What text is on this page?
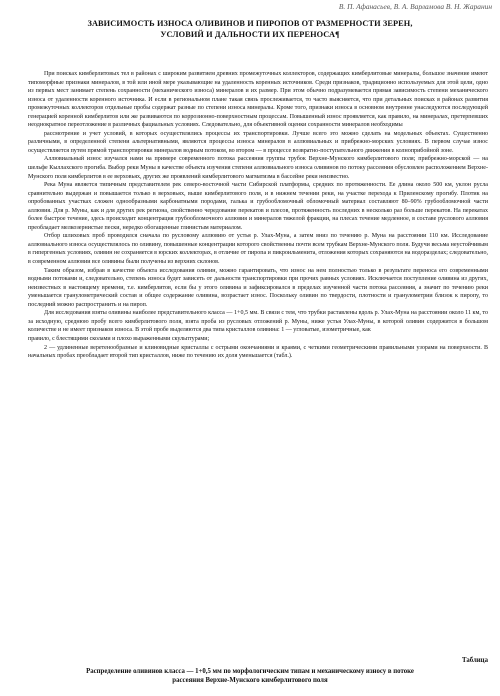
В. П. Афанасьев, В. А. Варламова В. Н. Жаранин
ЗАВИСИМОСТЬ ИЗНОСА ОЛИВИНОВ И ПИРОПОВ ОТ РАЗМЕРНОСТИ ЗЕРЕН,
УСЛОВИЙ И ДАЛЬНОСТИ ИХ ПЕРЕНОСА¶

При поисках кимберлитовых тел в районах с широким развитием древних промежуточных коллекторов, содержащих кимберлитовые минералы, большое значение имеют типоморфные признаки минералов, в той или иной мере указывающие на удаленность коренных источников. Среди признаков, традиционно используемых для этой цели, одно из первых мест занимает степень сохранности (механического износа) минералов и их размер. При этом обычно подразумевается прямая зависимость степени механического износа от удаленности коренного источника. И если в региональном плане такая связь прослеживается, то часто выясняется, что при детальных поисках в районах развития промежуточных коллекторов отдельные пробы содержат разные по степени износа минералы. Кроме того, признаки износа в основном внутренне унаследуются последующей генерацией коренной кимберлитов или же развиваются по коррозионно-поверхностным процессам. Повышенный износ проявляется, как правило, на минералах, претерпевших неоднократное переотложение в различных фациальных условиях. Следовательно, для объективной оценки сохранности минералов необходимы

рассмотрение и учет условий, в которых осуществлялись процессы их транспортировки. Лучше всего это можно сделать на модельных объектах. Существенно различными, в определенной степени альтернативными, являются процессы износа минералов в аллювиальных и прибрежно-морских условиях. В первом случае износ осуществляется путем прямой транспортировки минералов водным потоком, во втором — в процессе возвратно-поступательного движения в колноприбойной зоне.

Аллювиальный износ изучался нами на примере современного потока рассеяния группы трубок Верхне-Мунского кимберлитового поля; прибрежно-морской — на шельфе Кыллахского прогиба. Выбор реки Муны в качестве объекта изучения степени аллювиального износа оливинов по потоку рассеяния обусловлен расположением Верхне-Мунского поля кимберлитов в ее верховьях, других же проявлений кимберлитового магматизма в бассейне реки неизвестно.

Река Муна является типичным представителем рек северо-восточной части Сибирской платформы, средних по протяженности. Ее длина около 500 км, уклон русла сравнительно выдержан и повышается только в верховьях, выше кимберлитового поля, и в нижнем течении реки, на участке перехода к Приленскому прогибу. Плотик на опробованных участках сложен однообразными карбонатными породами, галька и грубообломочный обломочный материал составляют 80–90% грубообломочной части аллювия. Для р. Муны, как и для других рек региона, свойственно чередование перекатов и плесов, протяженность последних в несколько раз больше перекатов. На перекатах более быстрое течение, здесь происходит концентрация грубообломочного аллювия и минералов тяжелой фракции, на плесах течение медленное, в составе руслового аллювия преобладает мелкозернистые пески, нередко обогащенные глинистым материалом.

Отбор шлиховых проб проводился сначала по русловому аллювию от устья р. Улах-Муна, а затем вниз по течению р. Муна на расстоянии 110 км. Исследование аллювиального износа осуществлялось по оливину, повышенные концентрации которого свойственны почти всем трубкам Верхне-Мунского поля. Будучи весьма неустойчивым в гипергенных условиях, оливин не сохраняется в юрских коллекторах, в отличие от пиропа и пикроильменита, отложения которых сохраняются на водоразделах; следовательно, в современном аллювии все оливины были получены из верхних склонов.

Таким образом, избрав в качестве объекта исследования оливин, можно гарантировать, что износ на нем полностью только в результате переноса его современными водными потоками и, следовательно, степень износа будет зависеть от дальности транспортировки при прочих равных условиях. Исключается поступление оливина из других, неизвестных в настоящему времени, т.е. кимберлитов, если бы у этого оливина и зафиксировался в пределах изученной части потока рассеяния, а значит по течению реки уменьшается гранулометрический состав и общее содержание оливина, возрастает износ. Поскольку оливин по твердости, плотности и гранулометрии близок к пиропу, то последний можно распространить и на пироп.

Для исследования взяты оливины наиболее представительного класса — 1+0,5 мм. В связи с тем, что трубки раставлены вдоль р. Улах-Муна на расстоянии около 11 км, то за исходную, среднюю пробу всего кимберлитового поля, взята проба из русловых отложений р. Муны, ниже устья Улах-Муны, в которой оливин содержится в большом количестве и не имеет признаков износа. В этой пробе выделяются два типа кристаллов оливина: 1 — угловатые, изометричные, как

правило, с блестящими сколами и плохо выраженными скульптурами;

2 — удлиненные веретенообразные и клиновидные кристаллы с острыми окончаниями и краями, с четкими геометрическими правильными узорами на поверхности. В начальных пробах преобладает второй тип кристаллов, ниже по течению их доля уменьшается (табл.).

Таблица
Распределение оливинов класса — 1+0,5 мм по морфологическим типам и механическому износу в потоке
рассеяния Верхне-Мунского кимберлитового поля
